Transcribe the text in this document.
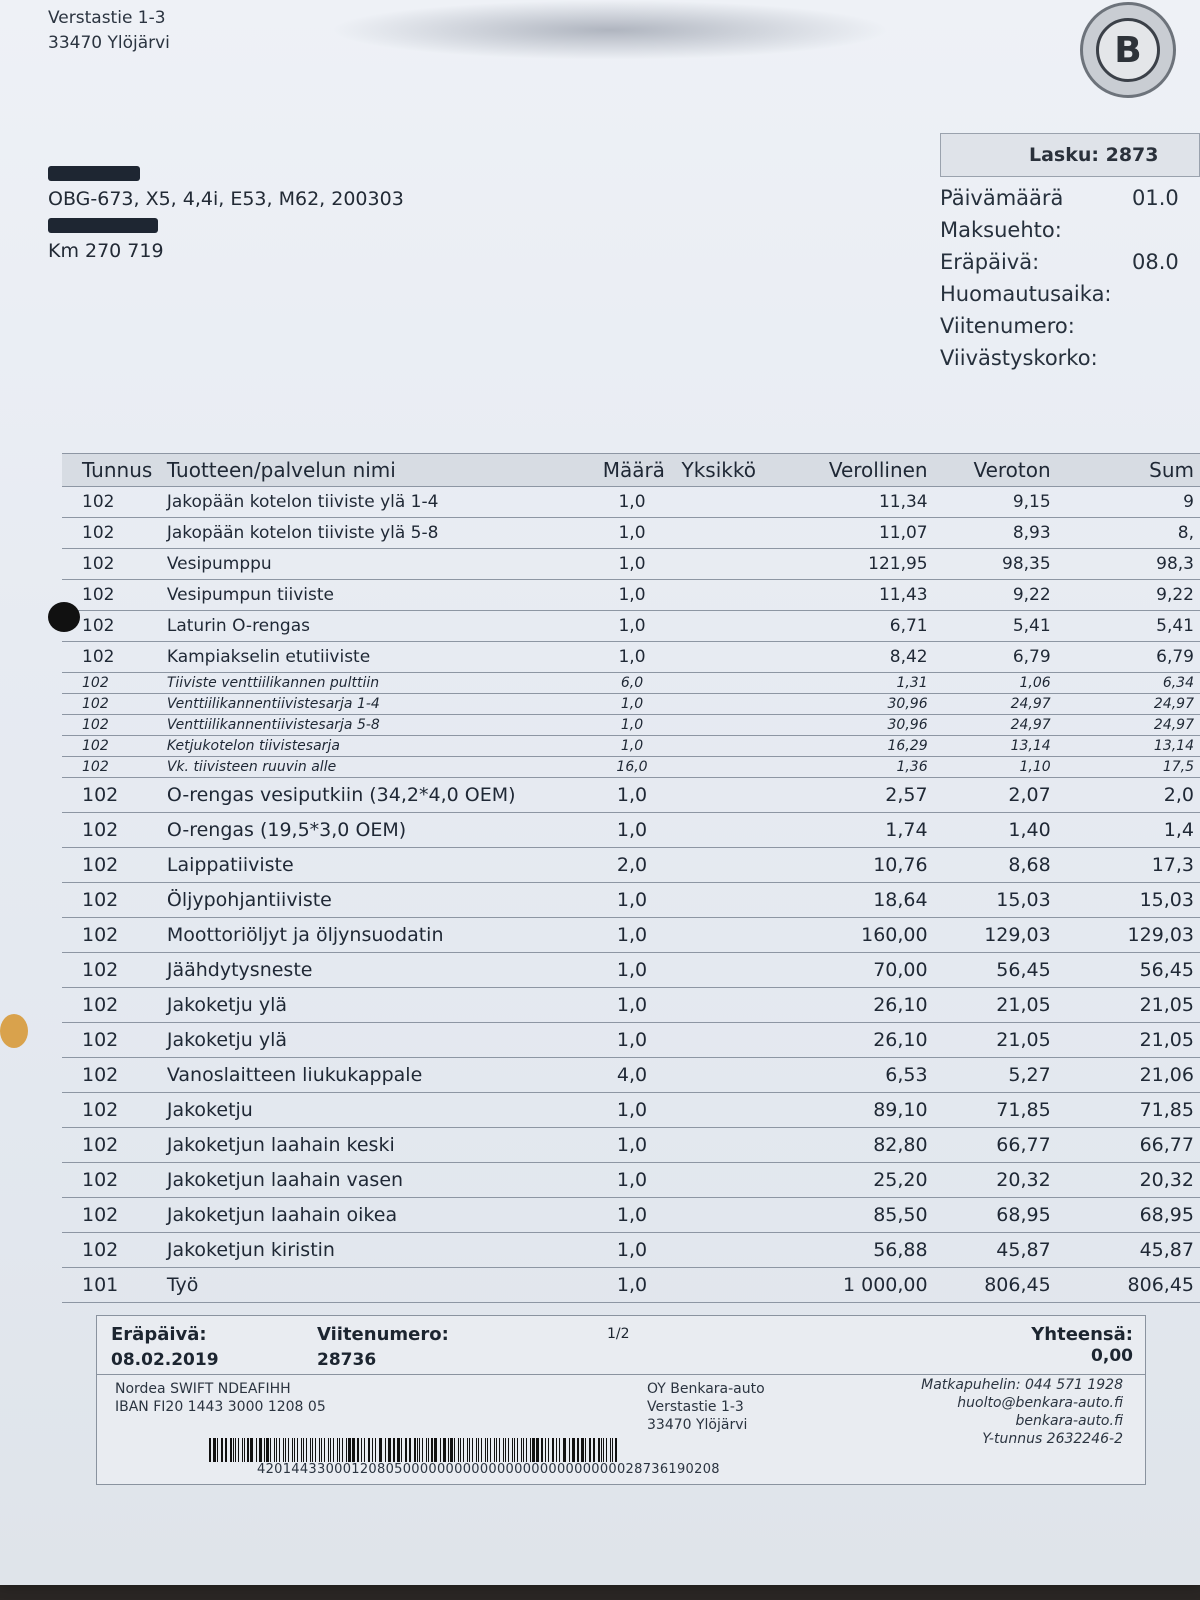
Verstastie 1-3
33470 Ylöjärvi	B
OBG-673, X5, 4,4i, E53, M62, 200303
Km 270 719
Lasku: 2873
Päivämäärä	01.0
Maksuehto:
Eräpäivä:	08.0
Huomautusaika:
Viitenumero:
Viivästyskorko:
Tunnus	Tuotteen/palvelun nimi	Määrä	Yksikkö	Verollinen	Veroton	Sum
102	Jakopään kotelon tiiviste ylä 1-4	1,0		11,34	9,15	9
102	Jakopään kotelon tiiviste ylä 5-8	1,0		11,07	8,93	8,
102	Vesipumppu	1,0		121,95	98,35	98,3
102	Vesipumpun tiiviste	1,0		11,43	9,22	9,22
102	Laturin O-rengas	1,0		6,71	5,41	5,41
102	Kampiakselin etutiiviste	1,0		8,42	6,79	6,79
102	Tiiviste venttiilikannen pulttiin	6,0		1,31	1,06	6,34
102	Venttiilikannentiivistesarja 1-4	1,0		30,96	24,97	24,97
102	Venttiilikannentiivistesarja 5-8	1,0		30,96	24,97	24,97
102	Ketjukotelon tiivistesarja	1,0		16,29	13,14	13,14
102	Vk. tiivisteen ruuvin alle	16,0		1,36	1,10	17,5
102	O-rengas vesiputkiin (34,2*4,0 OEM)	1,0		2,57	2,07	2,0
102	O-rengas (19,5*3,0 OEM)	1,0		1,74	1,40	1,4
102	Laippatiiviste	2,0		10,76	8,68	17,3
102	Öljypohjantiiviste	1,0		18,64	15,03	15,03
102	Moottoriöljyt ja öljynsuodatin	1,0		160,00	129,03	129,03
102	Jäähdytysneste	1,0		70,00	56,45	56,45
102	Jakoketju ylä	1,0		26,10	21,05	21,05
102	Jakoketju ylä	1,0		26,10	21,05	21,05
102	Vanoslaitteen liukukappale	4,0		6,53	5,27	21,06
102	Jakoketju	1,0		89,10	71,85	71,85
102	Jakoketjun laahain keski	1,0		82,80	66,77	66,77
102	Jakoketjun laahain vasen	1,0		25,20	20,32	20,32
102	Jakoketjun laahain oikea	1,0		85,50	68,95	68,95
102	Jakoketjun kiristin	1,0		56,88	45,87	45,87
101	Työ	1,0		1 000,00	806,45	806,45
Eräpäivä:
08.02.2019
Viitenumero:
28736
1/2	Yhteensä:
0,00
Nordea SWIFT NDEAFIHH
IBAN FI20 1443 3000 1208 05
OY Benkara-auto
Verstastie 1-3
33470 Ylöjärvi
Matkapuhelin: 044 571 1928
huolto@benkara-auto.fi
benkara-auto.fi
Y-tunnus 2632246-2
420144330001208050000000000000000000000000028736190208
